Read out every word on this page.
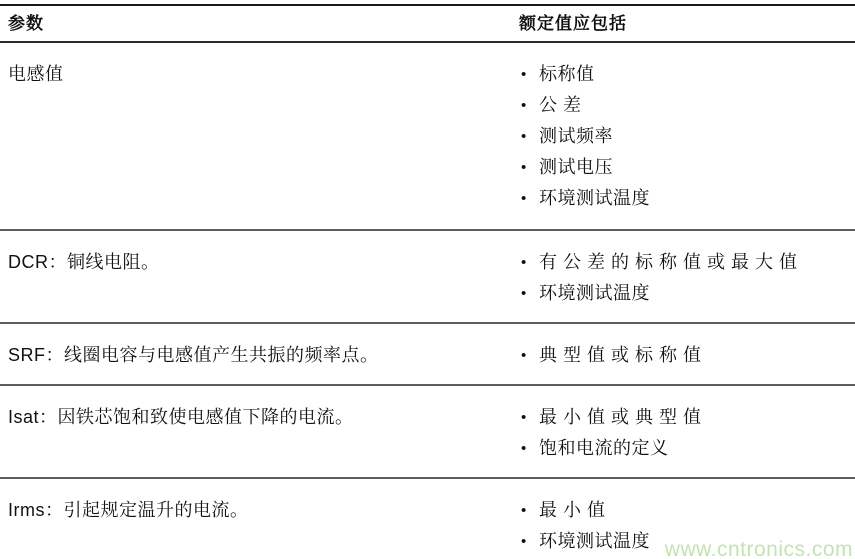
参数	额定值应包括
电感值	• 标称值
• 公 差
• 测试频率
• 测试电压
• 环境测试温度
DCR：铜线电阻。	• 有 公 差 的 标 称 值 或 最 大 值
• 环境测试温度
SRF：线圈电容与电感值产生共振的频率点。	• 典 型 值 或 标 称 值
Isat：因铁芯饱和致使电感值下降的电流。	• 最 小 值 或 典 型 值
• 饱和电流的定义
Irms：引起规定温升的电流。	• 最 小 值
• 环境测试温度 www.cntronics.com
